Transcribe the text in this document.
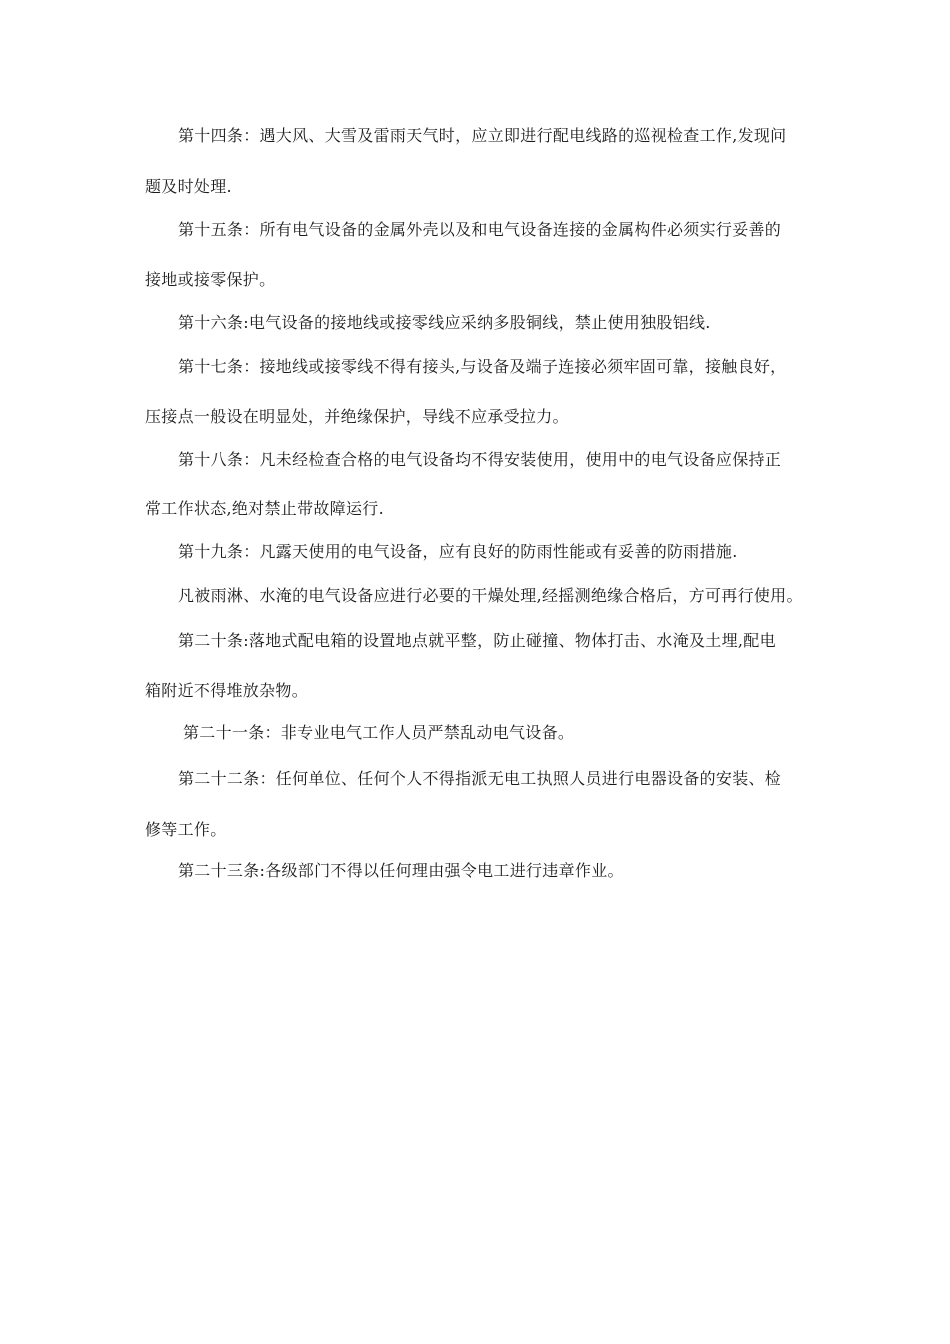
第十四条：遇大风、大雪及雷雨天气时，应立即进行配电线路的巡视检查工作,发现问
题及时处理.
第十五条：所有电气设备的金属外壳以及和电气设备连接的金属构件必须实行妥善的
接地或接零保护。
第十六条:电气设备的接地线或接零线应采纳多股铜线，禁止使用独股铝线.
第十七条：接地线或接零线不得有接头,与设备及端子连接必须牢固可靠，接触良好，
压接点一般设在明显处，并绝缘保护，导线不应承受拉力。
第十八条：凡未经检查合格的电气设备均不得安装使用，使用中的电气设备应保持正
常工作状态,绝对禁止带故障运行.
第十九条：凡露天使用的电气设备，应有良好的防雨性能或有妥善的防雨措施.
凡被雨淋、水淹的电气设备应进行必要的干燥处理,经摇测绝缘合格后，方可再行使用。
第二十条:落地式配电箱的设置地点就平整，防止碰撞、物体打击、水淹及土埋,配电
箱附近不得堆放杂物。
第二十一条：非专业电气工作人员严禁乱动电气设备。
第二十二条：任何单位、任何个人不得指派无电工执照人员进行电器设备的安装、检
修等工作。
第二十三条:各级部门不得以任何理由强令电工进行违章作业。
